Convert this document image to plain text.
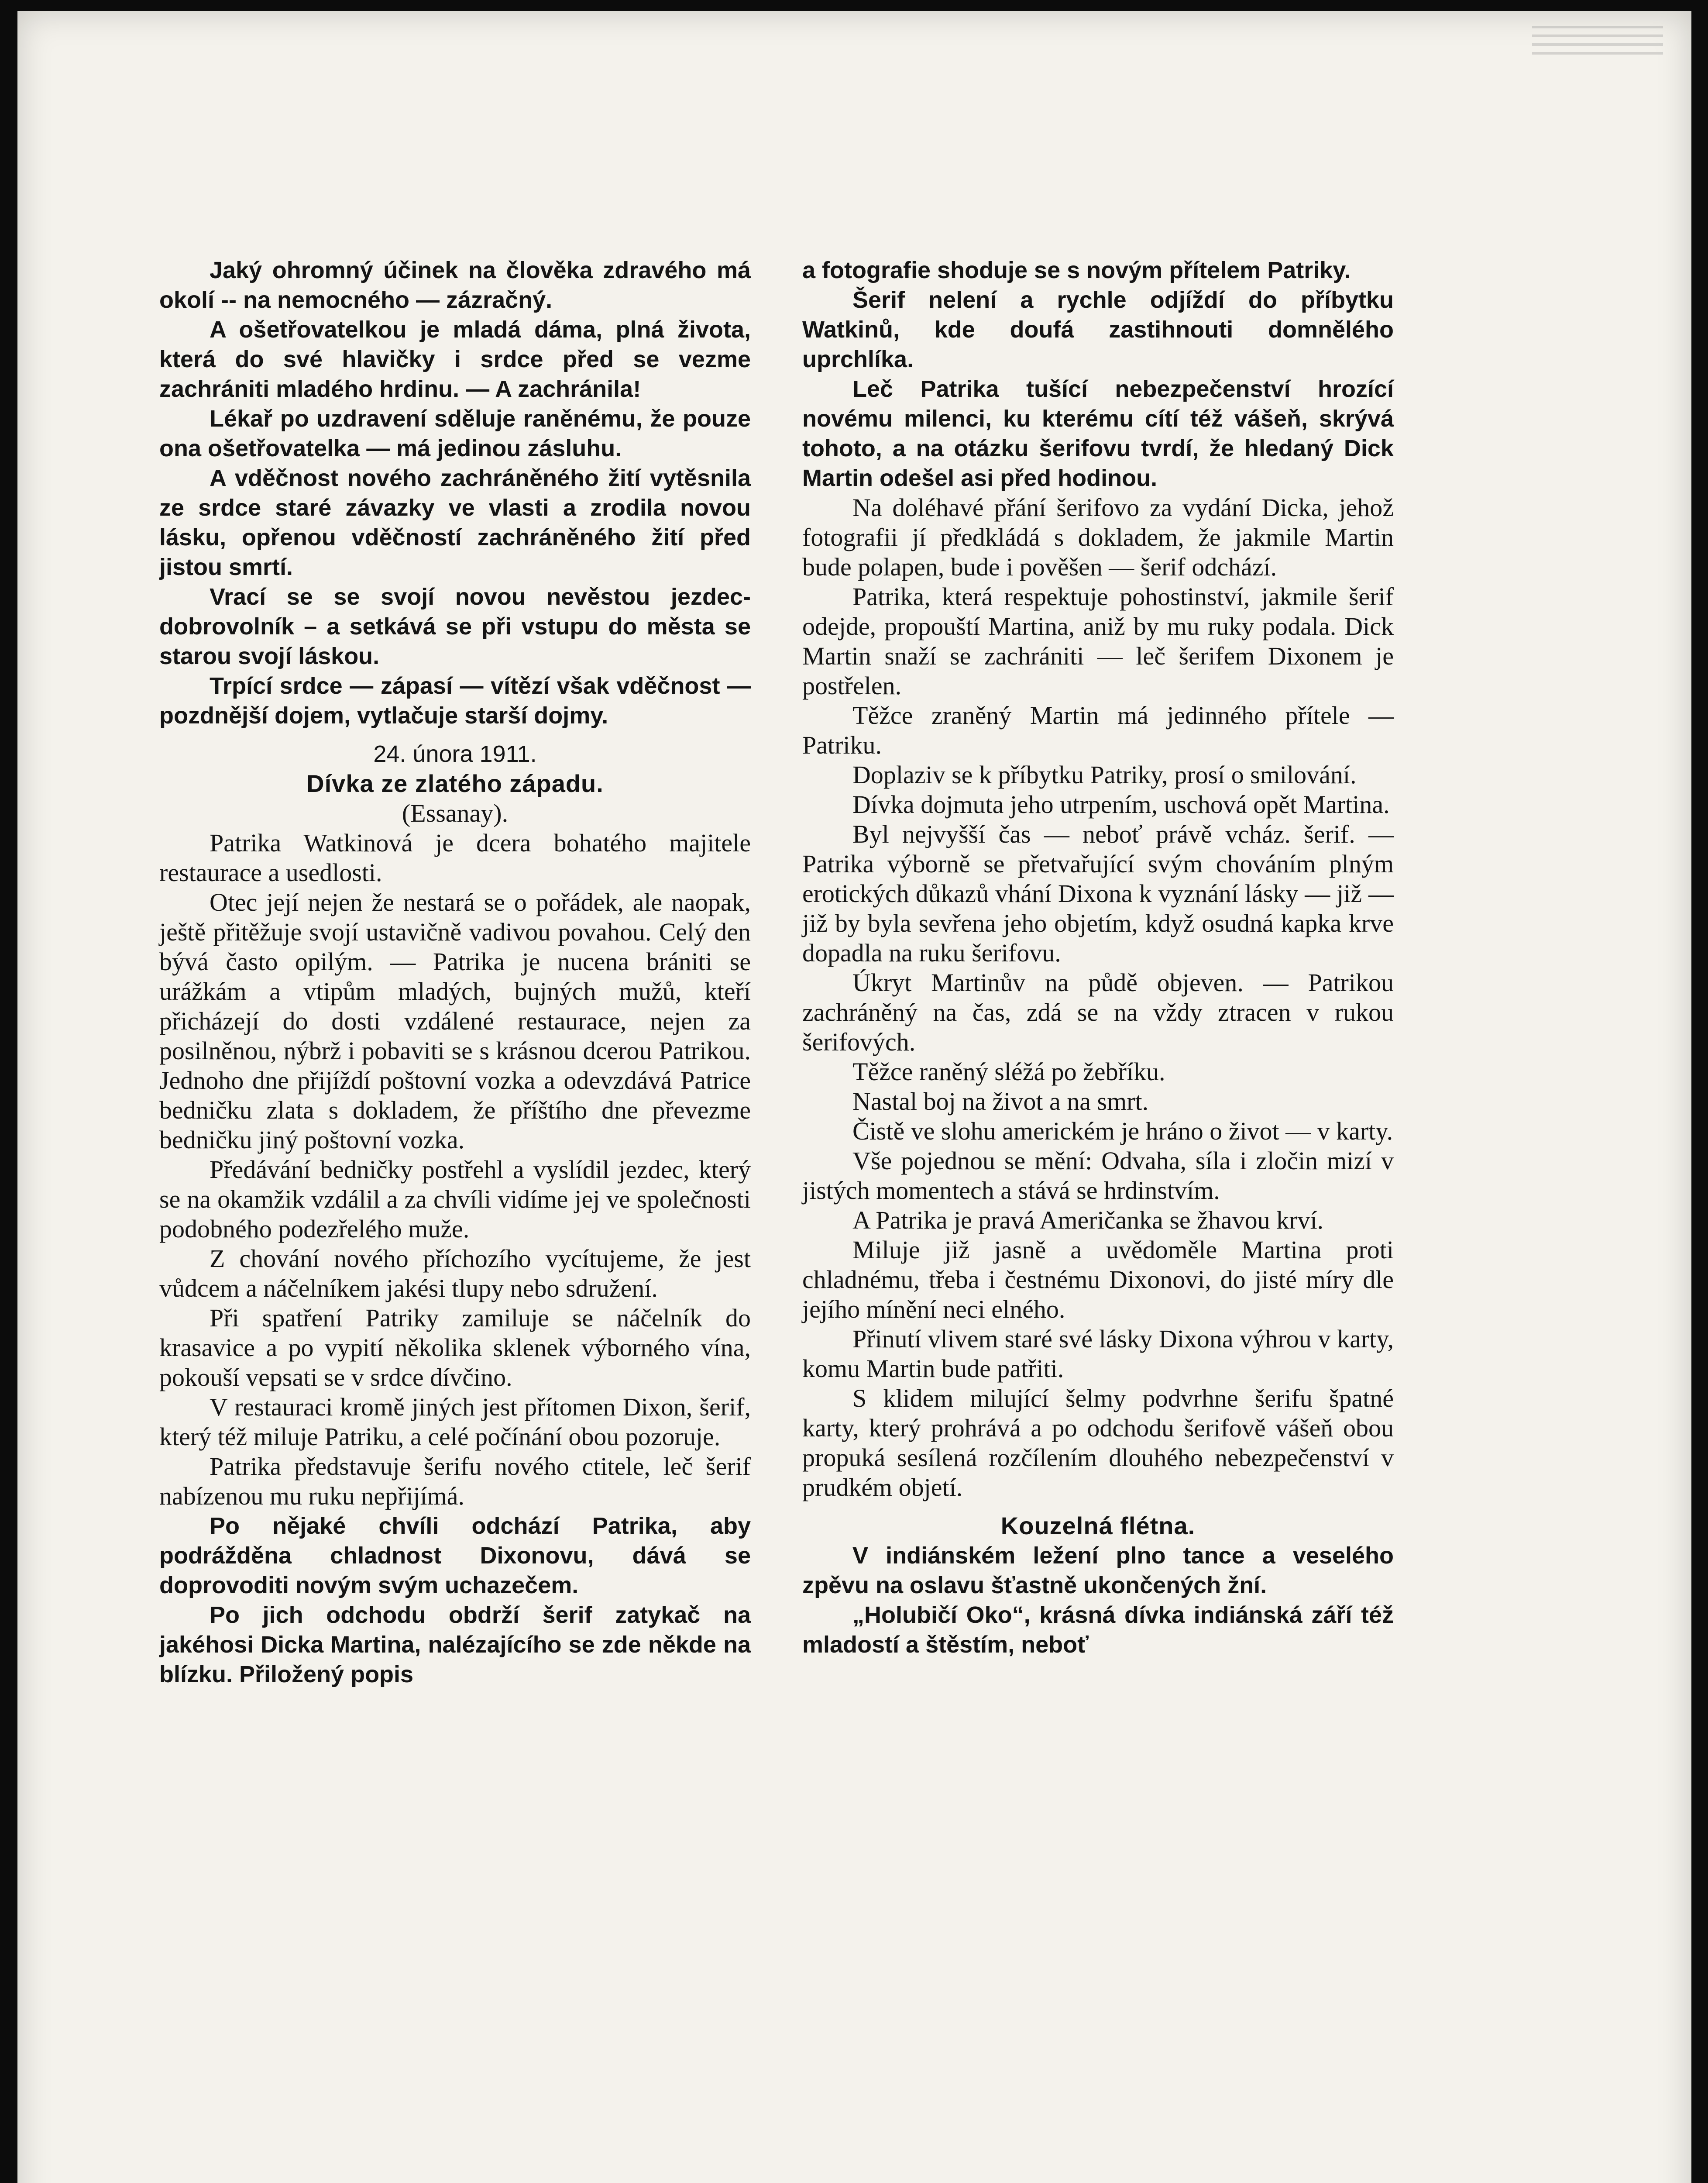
Jaký ohromný účinek na člověka zdravého má okolí -- na nemocného — zázračný.

A ošetřovatelkou je mladá dáma, plná života, která do své hlavičky i srdce před se vezme zachrániti mladého hrdinu. — A zachránila!

Lékař po uzdravení sděluje raněnému, že pouze ona ošetřovatelka — má jedinou zásluhu.

A vděčnost nového zachráněného žití vytěsnila ze srdce staré závazky ve vlasti a zrodila novou lásku, opřenou vděčností zachráněného žití před jistou smrtí.

Vrací se se svojí novou nevěstou jezdec-dobrovolník – a setkává se při vstupu do města se starou svojí láskou.

Trpící srdce — zápasí — vítězí však vděčnost — pozdnější dojem, vytlačuje starší dojmy.

24. února 1911.

Dívka ze zlatého západu.

(Essanay).

Patrika Watkinová je dcera bohatého majitele restaurace a usedlosti.

Otec její nejen že nestará se o pořádek, ale naopak, ještě přitěžuje svojí ustavičně vadivou povahou. Celý den bývá často opilým. — Patrika je nucena brániti se urážkám a vtipům mladých, bujných mužů, kteří přicházejí do dosti vzdálené restaurace, nejen za posilněnou, nýbrž i pobaviti se s krásnou dcerou Patrikou. Jednoho dne přijíždí poštovní vozka a odevzdává Patrice bedničku zlata s dokladem, že příštího dne převezme bedničku jiný poštovní vozka.

Předávání bedničky postřehl a vyslídil jezdec, který se na okamžik vzdálil a za chvíli vidíme jej ve společnosti podobného podezřelého muže.

Z chování nového příchozího vycítujeme, že jest vůdcem a náčelníkem jakési tlupy nebo sdružení.

Při spatření Patriky zamiluje se náčelník do krasavice a po vypití několika sklenek výborného vína, pokouší vepsati se v srdce dívčino.

V restauraci kromě jiných jest přítomen Dixon, šerif, který též miluje Patriku, a celé počínání obou pozoruje.

Patrika představuje šerifu nového ctitele, leč šerif nabízenou mu ruku nepřijímá.

Po nějaké chvíli odchází Patrika, aby podrážděna chladnost Dixonovu, dává se doprovoditi novým svým uchazečem.

Po jich odchodu obdrží šerif zatykač na jakéhosi Dicka Martina, nalézajícího se zde někde na blízku. Přiložený popis

a fotografie shoduje se s novým přítelem Patriky.

Šerif nelení a rychle odjíždí do příbytku Watkinů, kde doufá zastihnouti domnělého uprchlíka.

Leč Patrika tušící nebezpečenství hrozící novému milenci, ku kterému cítí též vášeň, skrývá tohoto, a na otázku šerifovu tvrdí, že hledaný Dick Martin odešel asi před hodinou.

Na doléhavé přání šerifovo za vydání Dicka, jehož fotografii jí předkládá s dokladem, že jakmile Martin bude polapen, bude i pověšen — šerif odchází.

Patrika, která respektuje pohostinství, jakmile šerif odejde, propouští Martina, aniž by mu ruky podala. Dick Martin snaží se zachrániti — leč šerifem Dixonem je postřelen.

Těžce zraněný Martin má jedinného přítele — Patriku.

Doplaziv se k příbytku Patriky, prosí o smilování.

Dívka dojmuta jeho utrpením, uschová opět Martina.

Byl nejvyšší čas — neboť právě vcház. šerif. — Patrika výborně se přetvařující svým chováním plným erotických důkazů vhání Dixona k vyznání lásky — již — již by byla sevřena jeho objetím, když osudná kapka krve dopadla na ruku šerifovu.

Úkryt Martinův na půdě objeven. — Patrikou zachráněný na čas, zdá se na vždy ztracen v rukou šerifových.

Těžce raněný sléžá po žebříku.

Nastal boj na život a na smrt.

Čistě ve slohu americkém je hráno o život — v karty.

Vše pojednou se mění: Odvaha, síla i zločin mizí v jistých momentech a stává se hrdinstvím.

A Patrika je pravá Američanka se žhavou krví.

Miluje již jasně a uvědoměle Martina proti chladnému, třeba i čestnému Dixonovi, do jisté míry dle jejího mínění neci elného.

Přinutí vlivem staré své lásky Dixona výhrou v karty, komu Martin bude patřiti.

S klidem milující šelmy podvrhne šerifu špatné karty, který prohrává a po odchodu šerifově vášeň obou propuká sesílená rozčílením dlouhého nebezpečenství v prudkém objetí.

Kouzelná flétna.

V indiánském ležení plno tance a veselého zpěvu na oslavu šťastně ukončených žní.

„Holubičí Oko“, krásná dívka indiánská září též mladostí a štěstím, neboť
